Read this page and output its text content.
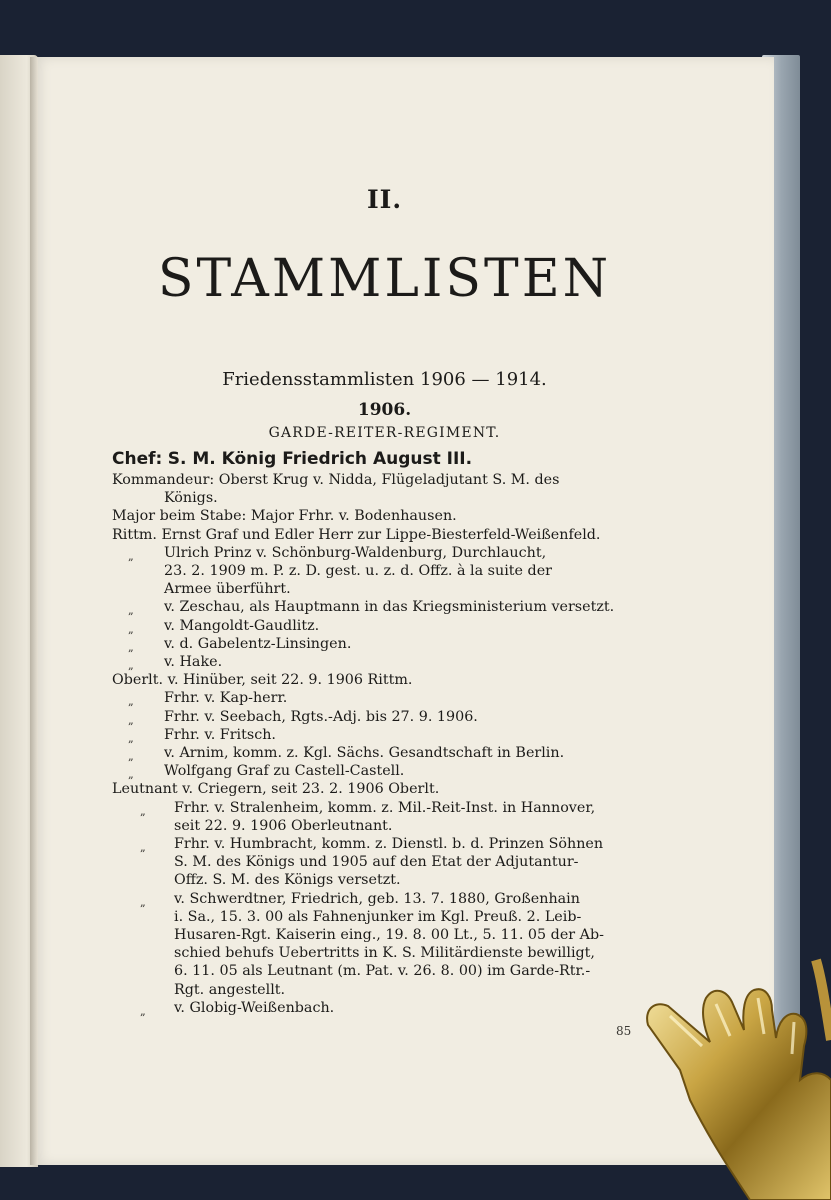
II.
STAMMLISTEN
Friedensstammlisten 1906 — 1914.
1906.
GARDE-REITER-REGIMENT.
Chef: S. M. König Friedrich August III.
Kommandeur: Oberst Krug v. Nidda, Flügeladjutant S. M. des
Königs.
Major beim Stabe: Major Frhr. v. Bodenhausen.
Rittm. Ernst Graf und Edler Herr zur Lippe-Biesterfeld-Weißenfeld.
„	Ulrich Prinz v. Schönburg-Waldenburg, Durchlaucht,
23. 2. 1909 m. P. z. D. gest. u. z. d. Offz. à la suite der
Armee überführt.
„	v. Zeschau, als Hauptmann in das Kriegsministerium versetzt.
„	v. Mangoldt-Gaudlitz.
„	v. d. Gabelentz-Linsingen.
„	v. Hake.
Oberlt. v. Hinüber, seit 22. 9. 1906 Rittm.
„	Frhr. v. Kap-herr.
„	Frhr. v. Seebach, Rgts.-Adj. bis 27. 9. 1906.
„	Frhr. v. Fritsch.
„	v. Arnim, komm. z. Kgl. Sächs. Gesandtschaft in Berlin.
„	Wolfgang Graf zu Castell-Castell.
Leutnant v. Criegern, seit 23. 2. 1906 Oberlt.
„	Frhr. v. Stralenheim, komm. z. Mil.-Reit-Inst. in Hannover,
seit 22. 9. 1906 Oberleutnant.
„	Frhr. v. Humbracht, komm. z. Dienstl. b. d. Prinzen Söhnen
S. M. des Königs und 1905 auf den Etat der Adjutantur-
Offz. S. M. des Königs versetzt.
„	v. Schwerdtner, Friedrich, geb. 13. 7. 1880, Großenhain
i. Sa., 15. 3. 00 als Fahnenjunker im Kgl. Preuß. 2. Leib-
Husaren-Rgt. Kaiserin eing., 19. 8. 00 Lt., 5. 11. 05 der Ab-
schied behufs Uebertritts in K. S. Militärdienste bewilligt,
6. 11. 05 als Leutnant (m. Pat. v. 26. 8. 00) im Garde-Rtr.-
Rgt. angestellt.
„	v. Globig-Weißenbach.
85
